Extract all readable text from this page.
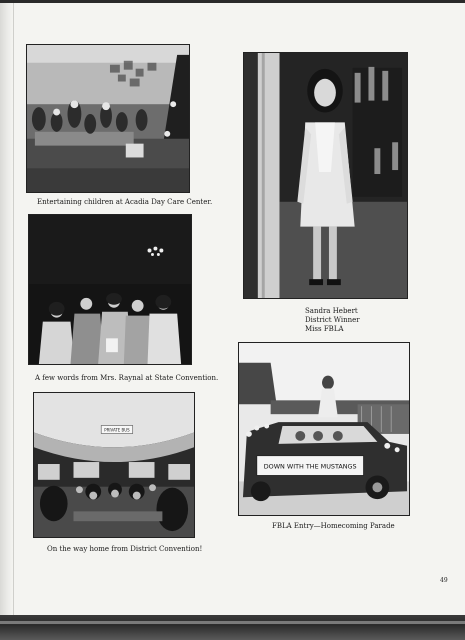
Entertaining children at Acadia Day Care Center.
Sandra Hebert
District Winner
Miss FBLA
A few words from Mrs. Raynal at State Convention.
PRIVATE BUS
On the way home from District Convention!
DOWN WITH THE MUSTANGS
FBLA Entry—Homecoming Parade
49
